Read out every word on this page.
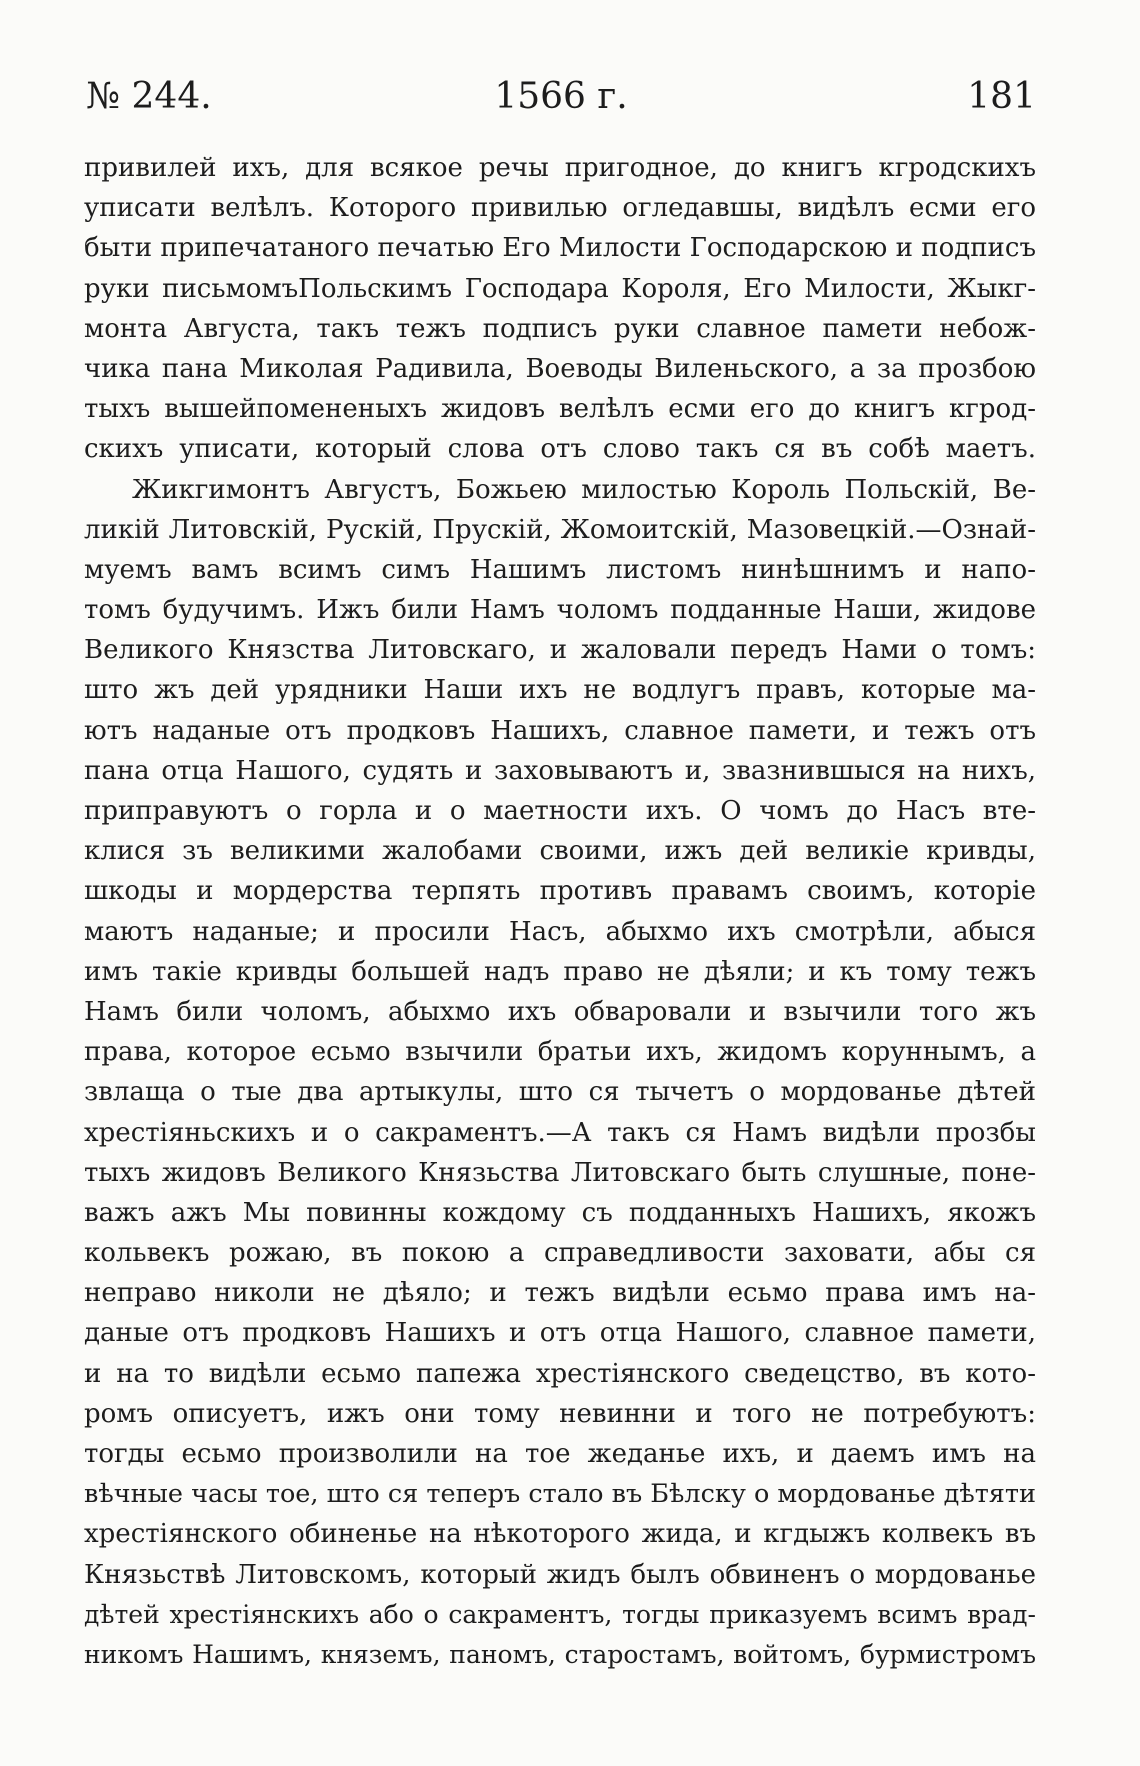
№ 244.	1566 г.	181
привилей ихъ, для всякое речы пригодное, до книгъ кгродскихъ
уписати велѣлъ. Которого привилью огледавшы, видѣлъ есми его
быти припечатаного печатью Его Милости Господарскою и подписъ
руки письмомъПольскимъ Господара Короля, Его Милости, Жыкг-
монта Августа, такъ тежъ подписъ руки славное памети небож-
чика пана Миколая Радивила, Воеводы Виленьского, а за прозбою
тыхъ вышейпомененыхъ жидовъ велѣлъ есми его до книгъ кгрод-
скихъ уписати, который слова отъ слово такъ ся въ собѣ маетъ.
Жикгимонтъ Августъ, Божьею милостью Король Польскій, Ве-
ликій Литовскій, Рускій, Прускій, Жомоитскій, Мазовецкій.—Ознай-
муемъ вамъ всимъ симъ Нашимъ листомъ нинѣшнимъ и напо-
томъ будучимъ. Ижъ били Намъ чоломъ подданные Наши, жидове
Великого Князства Литовскаго, и жаловали передъ Нами о томъ:
што жъ дей урядники Наши ихъ не водлугъ правъ, которые ма-
ютъ наданые отъ продковъ Нашихъ, славное памети, и тежъ отъ
пана отца Нашого, судять и заховываютъ и, звазнившыся на нихъ,
приправуютъ о горла и о маетности ихъ. О чомъ до Насъ вте-
клися зъ великими жалобами своими, ижъ дей великіе кривды,
шкоды и мордерства терпять противъ правамъ своимъ, которіе
маютъ наданые; и просили Насъ, абыхмо ихъ смотрѣли, абыся
имъ такіе кривды большей надъ право не дѣяли; и къ тому тежъ
Намъ били чоломъ, абыхмо ихъ обваровали и взычили того жъ
права, которое есьмо взычили братьи ихъ, жидомъ коруннымъ, а
звлаща о тые два артыкулы, што ся тычетъ о мордованье дѣтей
хрестіяньскихъ и о сакраментъ.—А такъ ся Намъ видѣли прозбы
тыхъ жидовъ Великого Князьства Литовскаго быть слушные, поне-
важъ ажъ Мы повинны кождому съ подданныхъ Нашихъ, якожъ
кольвекъ рожаю, въ покою а справедливости заховати, абы ся
неправо николи не дѣяло; и тежъ видѣли есьмо права имъ на-
даные отъ продковъ Нашихъ и отъ отца Нашого, славное памети,
и на то видѣли есьмо папежа хрестіянского сведецство, въ кото-
ромъ описуетъ, ижъ они тому невинни и того не потребуютъ:
тогды есьмо произволили на тое жеданье ихъ, и даемъ имъ на
вѣчные часы тое, што ся теперъ стало въ Бѣлску о мордованье дѣтяти
хрестіянского обиненье на нѣкоторого жида, и кгдыжъ колвекъ въ
Князьствѣ Литовскомъ, который жидъ былъ обвиненъ о мордованье
дѣтей хрестіянскихъ або о сакраментъ, тогды приказуемъ всимъ врад-
никомъ Нашимъ, княземъ, паномъ, старостамъ, войтомъ, бурмистромъ
